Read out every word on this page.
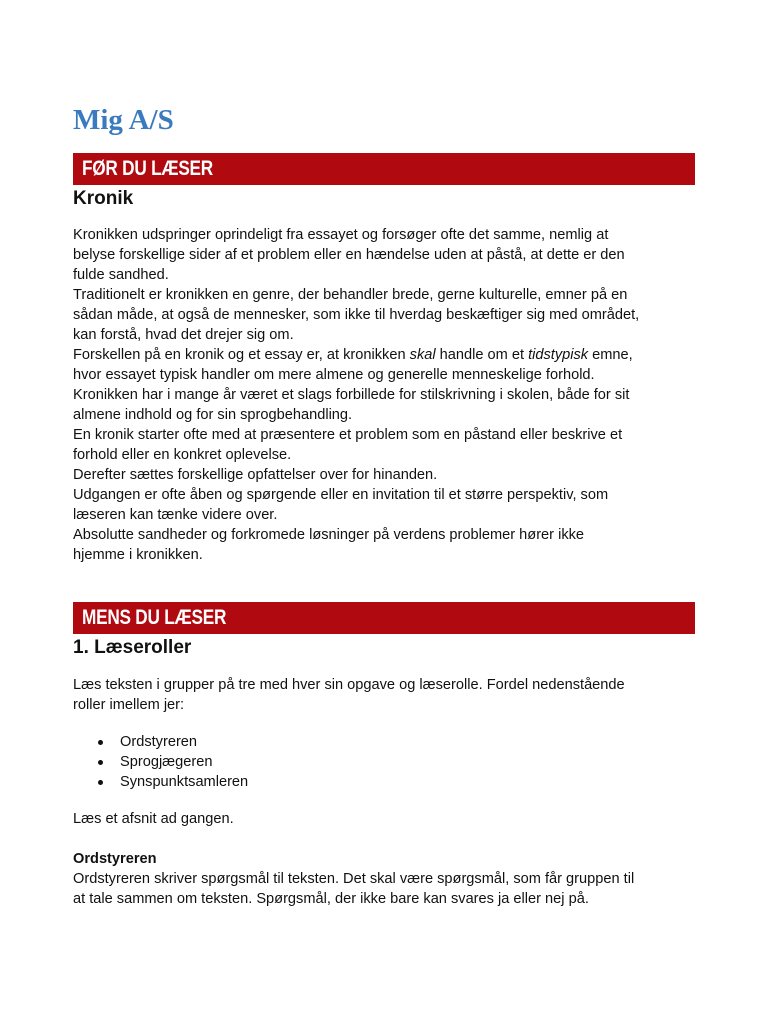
Mig A/S
FØR DU LÆSER
Kronik
Kronikken udspringer oprindeligt fra essayet og forsøger ofte det samme, nemlig at
belyse forskellige sider af et problem eller en hændelse uden at påstå, at dette er den
fulde sandhed.
Traditionelt er kronikken en genre, der behandler brede, gerne kulturelle, emner på en
sådan måde, at også de mennesker, som ikke til hverdag beskæftiger sig med området,
kan forstå, hvad det drejer sig om.
Forskellen på en kronik og et essay er, at kronikken skal handle om et tidstypisk emne,
hvor essayet typisk handler om mere almene og generelle menneskelige forhold.
Kronikken har i mange år været et slags forbillede for stilskrivning i skolen, både for sit
almene indhold og for sin sprogbehandling.
En kronik starter ofte med at præsentere et problem som en påstand eller beskrive et
forhold eller en konkret oplevelse.
Derefter sættes forskellige opfattelser over for hinanden.
Udgangen er ofte åben og spørgende eller en invitation til et større perspektiv, som
læseren kan tænke videre over.
Absolutte sandheder og forkromede løsninger på verdens problemer hører ikke
hjemme i kronikken.
MENS DU LÆSER
1. Læseroller
Læs teksten i grupper på tre med hver sin opgave og læserolle. Fordel nedenstående
roller imellem jer:
Ordstyreren
Sprogjægeren
Synspunktsamleren
Læs et afsnit ad gangen.
Ordstyreren
Ordstyreren skriver spørgsmål til teksten. Det skal være spørgsmål, som får gruppen til
at tale sammen om teksten. Spørgsmål, der ikke bare kan svares ja eller nej på.
